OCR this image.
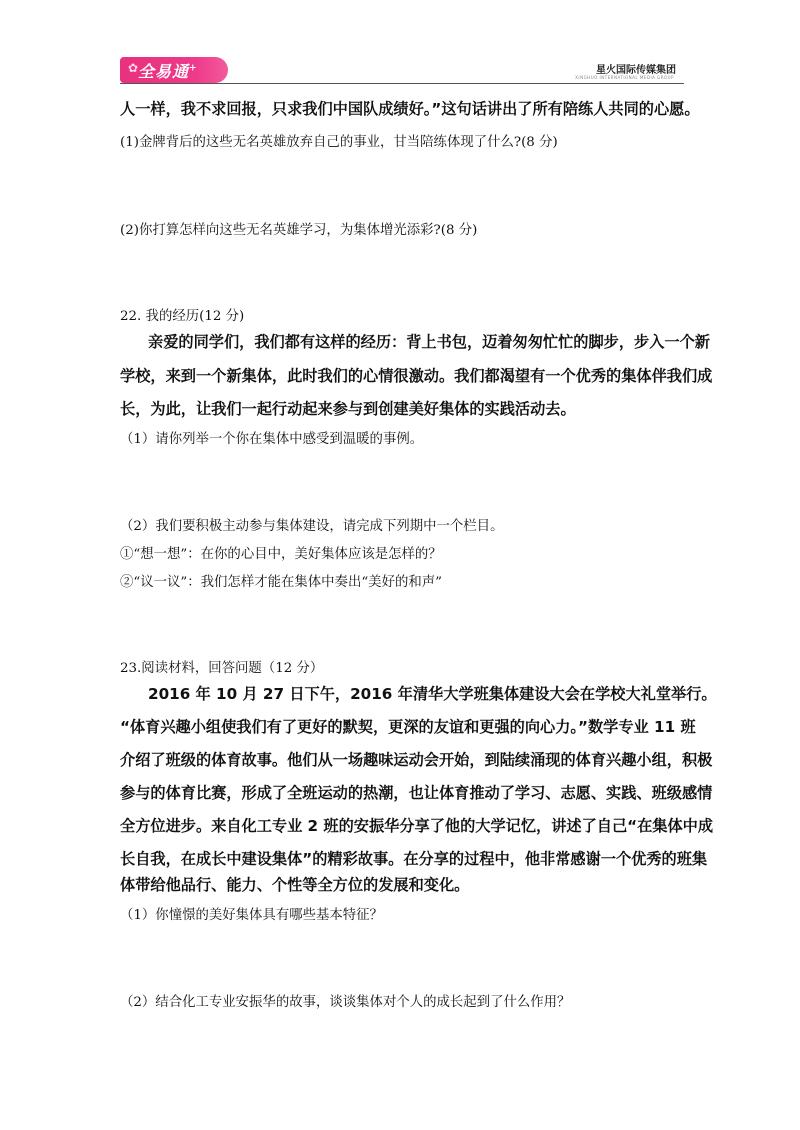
✿ 全易通+	星火国际传媒集团
XINGHUO INTERNATIONAL MEDIA GROUP
人一样，我不求回报，只求我们中国队成绩好。”这句话讲出了所有陪练人共同的心愿。
(1)金牌背后的这些无名英雄放弃自己的事业，甘当陪练体现了什么?(8 分)
(2)你打算怎样向这些无名英雄学习，为集体增光添彩?(8 分)
22. 我的经历(12 分)
亲爱的同学们，我们都有这样的经历：背上书包，迈着匆匆忙忙的脚步，步入一个新
学校，来到一个新集体，此时我们的心情很激动。我们都渴望有一个优秀的集体伴我们成
长，为此，让我们一起行动起来参与到创建美好集体的实践活动去。
（1）请你列举一个你在集体中感受到温暖的事例。
（2）我们要积极主动参与集体建设，请完成下列期中一个栏目。
①“想一想”：在你的心目中，美好集体应该是怎样的？
②“议一议”：我们怎样才能在集体中奏出“美好的和声”
23.阅读材料，回答问题（12 分）
2016 年 10 月 27 日下午，2016 年清华大学班集体建设大会在学校大礼堂举行。
“体育兴趣小组使我们有了更好的默契，更深的友谊和更强的向心力。”数学专业 11 班
介绍了班级的体育故事。他们从一场趣味运动会开始，到陆续涌现的体育兴趣小组，积极
参与的体育比赛，形成了全班运动的热潮，也让体育推动了学习、志愿、实践、班级感情
全方位进步。来自化工专业 2 班的安振华分享了他的大学记忆，讲述了自己“在集体中成
长自我，在成长中建设集体”的精彩故事。在分享的过程中，他非常感谢一个优秀的班集
体带给他品行、能力、个性等全方位的发展和变化。
（1）你憧憬的美好集体具有哪些基本特征？
（2）结合化工专业安振华的故事，谈谈集体对个人的成长起到了什么作用？
